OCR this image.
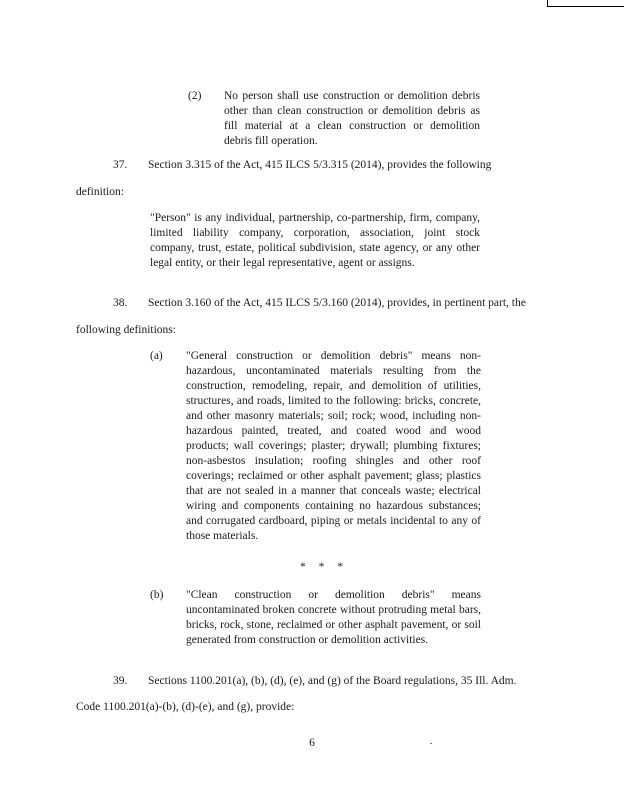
(2)	No person shall use construction or demolition debris other than clean construction or demolition debris as fill material at a clean construction or demolition debris fill operation.
37. Section 3.315 of the Act, 415 ILCS 5/3.315 (2014), provides the following
definition:
"Person" is any individual, partnership, co-partnership, firm, company, limited liability company, corporation, association, joint stock company, trust, estate, political subdivision, state agency, or any other legal entity, or their legal representative, agent or assigns.
38. Section 3.160 of the Act, 415 ILCS 5/3.160 (2014), provides, in pertinent part, the
following definitions:
(a)	"General construction or demolition debris" means non-hazardous, uncontaminated materials resulting from the construction, remodeling, repair, and demolition of utilities, structures, and roads, limited to the following: bricks, concrete, and other masonry materials; soil; rock; wood, including non-hazardous painted, treated, and coated wood and wood products; wall coverings; plaster; drywall; plumbing fixtures; non-asbestos insulation; roofing shingles and other roof coverings; reclaimed or other asphalt pavement; glass; plastics that are not sealed in a manner that conceals waste; electrical wiring and components containing no hazardous substances; and corrugated cardboard, piping or metals incidental to any of those materials.
* * *
(b)	"Clean construction or demolition debris" means uncontaminated broken concrete without protruding metal bars, bricks, rock, stone, reclaimed or other asphalt pavement, or soil generated from construction or demolition activities.
39. Sections 1100.201(a), (b), (d), (e), and (g) of the Board regulations, 35 Ill. Adm.
Code 1100.201(a)-(b), (d)-(e), and (g), provide:
6
